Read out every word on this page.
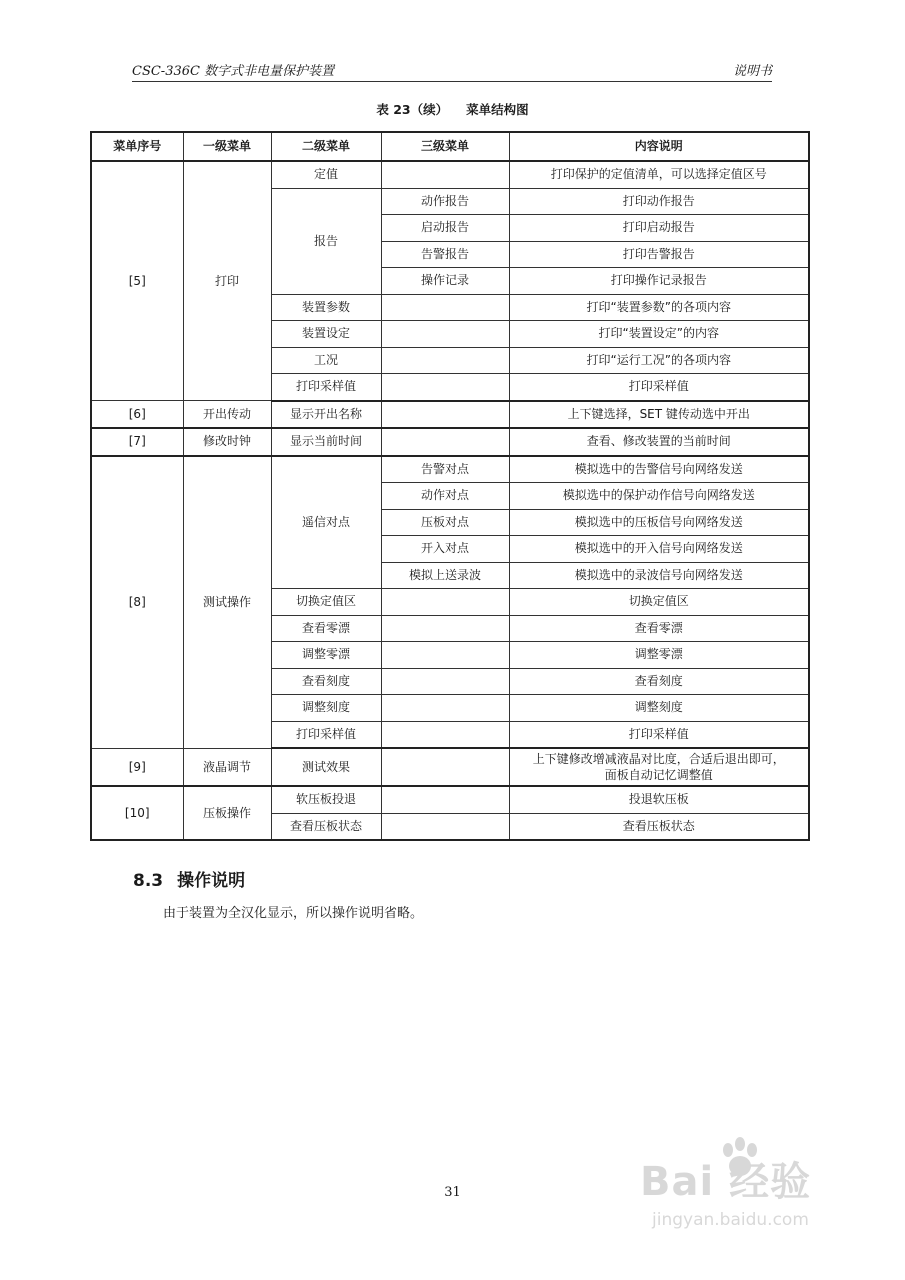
CSC-336C 数字式非电量保护装置	说明书
表 23（续） 菜单结构图
菜单序号	一级菜单	二级菜单	三级菜单	内容说明
[5]	打印	定值		打印保护的定值清单，可以选择定值区号
		报告	动作报告	打印动作报告
			启动报告	打印启动报告
			告警报告	打印告警报告
			操作记录	打印操作记录报告
		装置参数		打印“装置参数”的各项内容
		装置设定		打印“装置设定”的内容
		工况		打印“运行工况”的各项内容
		打印采样值		打印采样值
[6]	开出传动	显示开出名称		上下键选择，SET 键传动选中开出
[7]	修改时钟	显示当前时间		查看、修改装置的当前时间
[8]	测试操作	遥信对点	告警对点	模拟选中的告警信号向网络发送
			动作对点	模拟选中的保护动作信号向网络发送
			压板对点	模拟选中的压板信号向网络发送
			开入对点	模拟选中的开入信号向网络发送
			模拟上送录波	模拟选中的录波信号向网络发送
		切换定值区		切换定值区
		查看零漂		查看零漂
		调整零漂		调整零漂
		查看刻度		查看刻度
		调整刻度		调整刻度
		打印采样值		打印采样值
[9]	液晶调节	测试效果		上下键修改增减液晶对比度，合适后退出即可，
面板自动记忆调整值

[10]	压板操作	软压板投退		投退软压板
		查看压板状态		查看压板状态
8.3 操作说明
由于装置为全汉化显示，所以操作说明省略。
31	Bai 经验
jingyan.baidu.com
